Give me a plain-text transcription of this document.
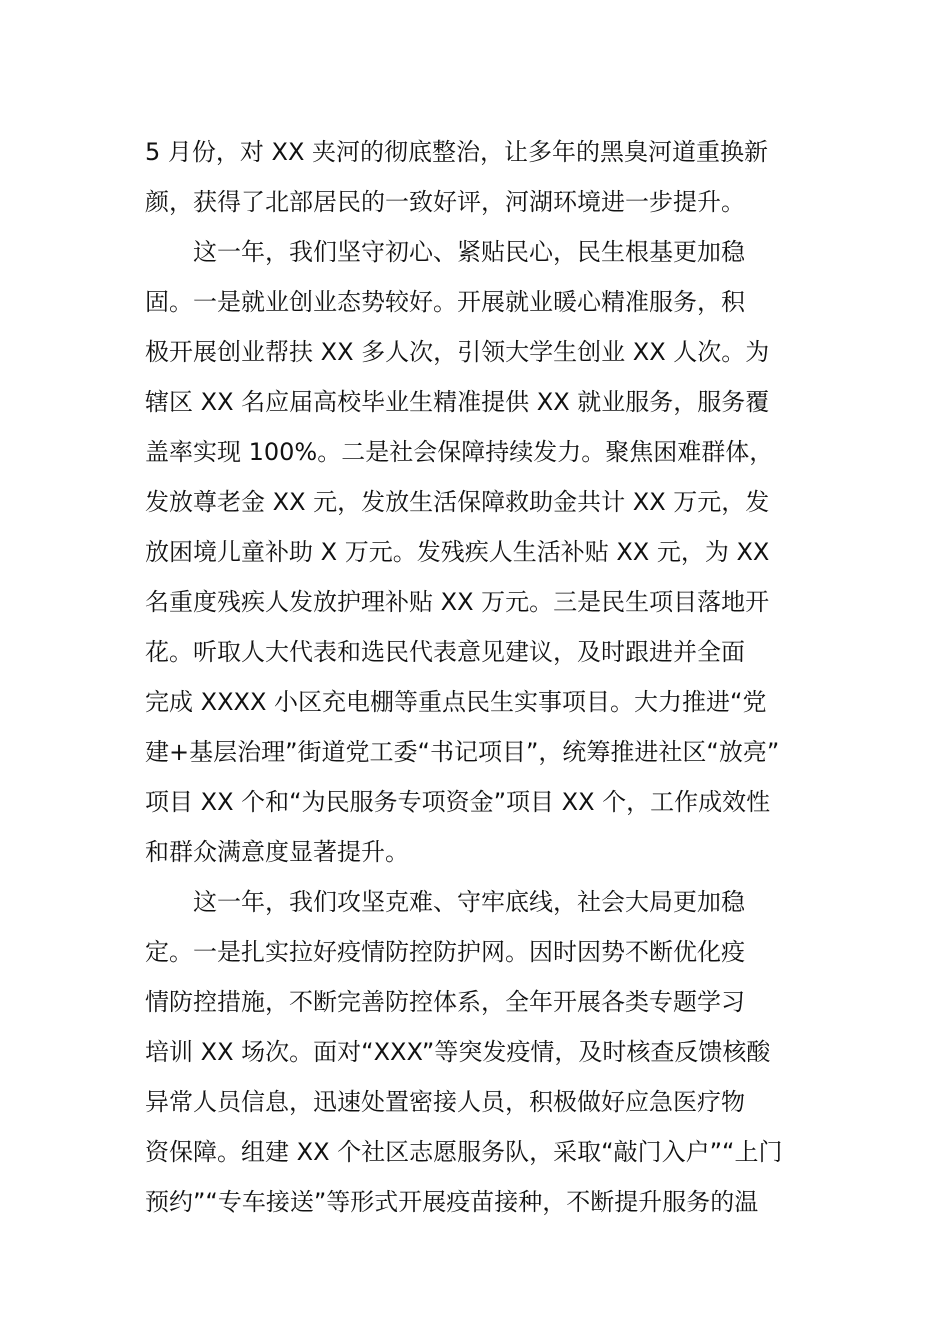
5 月份，对 XX 夹河的彻底整治，让多年的黑臭河道重换新

颜，获得了北部居民的一致好评，河湖环境进一步提升。

这一年，我们坚守初心、紧贴民心，民生根基更加稳

固。一是就业创业态势较好。开展就业暖心精准服务，积

极开展创业帮扶 XX 多人次，引领大学生创业 XX 人次。为

辖区 XX 名应届高校毕业生精准提供 XX 就业服务，服务覆

盖率实现 100%。二是社会保障持续发力。聚焦困难群体，

发放尊老金 XX 元，发放生活保障救助金共计 XX 万元，发

放困境儿童补助 X 万元。发残疾人生活补贴 XX 元，为 XX

名重度残疾人发放护理补贴 XX 万元。三是民生项目落地开

花。听取人大代表和选民代表意见建议，及时跟进并全面

完成 XXXX 小区充电棚等重点民生实事项目。大力推进“党

建+基层治理”街道党工委“书记项目”，统筹推进社区“放亮”

项目 XX 个和“为民服务专项资金”项目 XX 个，工作成效性

和群众满意度显著提升。

这一年，我们攻坚克难、守牢底线，社会大局更加稳

定。一是扎实拉好疫情防控防护网。因时因势不断优化疫

情防控措施，不断完善防控体系，全年开展各类专题学习

培训 XX 场次。面对“XXX”等突发疫情，及时核查反馈核酸

异常人员信息，迅速处置密接人员，积极做好应急医疗物

资保障。组建 XX 个社区志愿服务队，采取“敲门入户”“上门

预约”“专车接送”等形式开展疫苗接种，不断提升服务的温
